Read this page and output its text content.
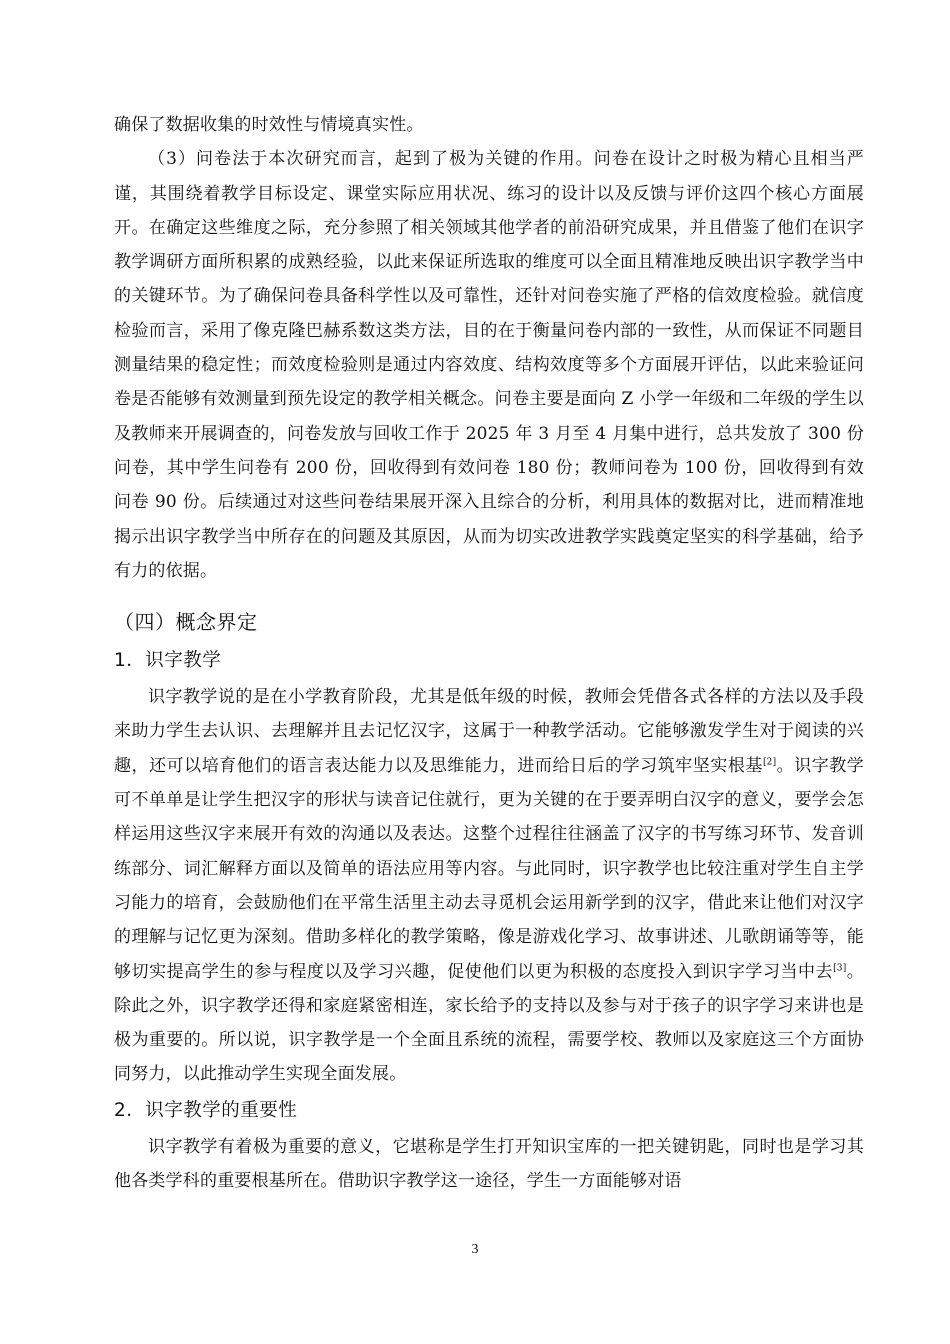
确保了数据收集的时效性与情境真实性。

（3）问卷法于本次研究而言，起到了极为关键的作用。问卷在设计之时极为精心且相当严谨，其围绕着教学目标设定、课堂实际应用状况、练习的设计以及反馈与评价这四个核心方面展开。在确定这些维度之际，充分参照了相关领域其他学者的前沿研究成果，并且借鉴了他们在识字教学调研方面所积累的成熟经验，以此来保证所选取的维度可以全面且精准地反映出识字教学当中的关键环节。为了确保问卷具备科学性以及可靠性，还针对问卷实施了严格的信效度检验。就信度检验而言，采用了像克隆巴赫系数这类方法，目的在于衡量问卷内部的一致性，从而保证不同题目测量结果的稳定性；而效度检验则是通过内容效度、结构效度等多个方面展开评估，以此来验证问卷是否能够有效测量到预先设定的教学相关概念。问卷主要是面向 Z 小学一年级和二年级的学生以及教师来开展调查的，问卷发放与回收工作于 2025 年 3 月至 4 月集中进行，总共发放了 300 份问卷，其中学生问卷有 200 份，回收得到有效问卷 180 份；教师问卷为 100 份，回收得到有效问卷 90 份。后续通过对这些问卷结果展开深入且综合的分析，利用具体的数据对比，进而精准地揭示出识字教学当中所存在的问题及其原因，从而为切实改进教学实践奠定坚实的科学基础，给予有力的依据。

（四）概念界定
1．识字教学

识字教学说的是在小学教育阶段，尤其是低年级的时候，教师会凭借各式各样的方法以及手段来助力学生去认识、去理解并且去记忆汉字，这属于一种教学活动。它能够激发学生对于阅读的兴趣，还可以培育他们的语言表达能力以及思维能力，进而给日后的学习筑牢坚实根基[2]。识字教学可不单单是让学生把汉字的形状与读音记住就行，更为关键的在于要弄明白汉字的意义，要学会怎样运用这些汉字来展开有效的沟通以及表达。这整个过程往往涵盖了汉字的书写练习环节、发音训练部分、词汇解释方面以及简单的语法应用等内容。与此同时，识字教学也比较注重对学生自主学习能力的培育，会鼓励他们在平常生活里主动去寻觅机会运用新学到的汉字，借此来让他们对汉字的理解与记忆更为深刻。借助多样化的教学策略，像是游戏化学习、故事讲述、儿歌朗诵等等，能够切实提高学生的参与程度以及学习兴趣，促使他们以更为积极的态度投入到识字学习当中去[3]。除此之外，识字教学还得和家庭紧密相连，家长给予的支持以及参与对于孩子的识字学习来讲也是极为重要的。所以说，识字教学是一个全面且系统的流程，需要学校、教师以及家庭这三个方面协同努力，以此推动学生实现全面发展。

2．识字教学的重要性

识字教学有着极为重要的意义，它堪称是学生打开知识宝库的一把关键钥匙，同时也是学习其他各类学科的重要根基所在。借助识字教学这一途径，学生一方面能够对语

3
